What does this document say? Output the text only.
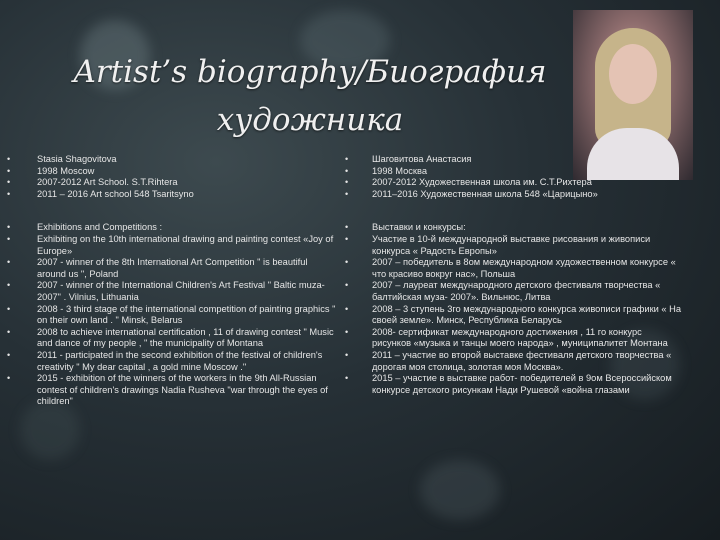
Artist’s biography/Биография художника
•	Stasia Shagovitova
•	1998 Moscow
•	2007-2012 Art School. S.T.Rihtera
•	2011 – 2016 Art school 548 Tsaritsyno
•	Exhibitions and Competitions :
•	Exhibiting on the 10th international drawing and painting contest «Joy of Europe»
•	2007 - winner of the 8th International Art Competition " is beautiful around us ", Poland
•	2007 - winner of the International Children's Art Festival " Baltic muza- 2007" . Vilnius, Lithuania
•	2008 - 3 third stage of the international competition of painting graphics " on their own land . " Minsk, Belarus
•	2008 to achieve international certification , 11 of drawing contest " Music and dance of my people , " the municipality of Montana
•	2011 - participated in the second exhibition of the festival of children's creativity " My dear capital , a gold mine Moscow ."
•	2015 - exhibition of the winners of the workers in the 9th All-Russian contest of children's drawings Nadia Rusheva "war through the eyes of children"
•	Шаговитова Анастасия
•	1998 Москва
•	2007-2012 Художественная школа им. С.Т.Рихтера
•	2011–2016 Художественная школа 548 «Царицыно»
•	Выставки и конкурсы:
•	Участие в 10-й международной выставке рисования и живописи конкурса « Радость Европы»
•	2007 – победитель в 8ом международном художественном конкурсе « что красиво вокруг нас», Польша
•	2007 – лауреат международного детского фестиваля творчества « балтийская муза- 2007». Вильнюс, Литва
•	2008 – 3 ступень 3го международного конкурса живописи графики « На своей земле». Минск, Республика Беларусь
•	2008- сертификат международного достижения , 11 го конкурс рисунков «музыка и танцы моего народа» , муниципалитет Монтана
•	2011 – участие во второй выставке фестиваля детского творчества « дорогая моя столица, золотая моя Москва».
•	2015 – участие в выставке работ- победителей в 9ом Всероссийском конкурсе детского рисункам Нади Рушевой «война глазами
